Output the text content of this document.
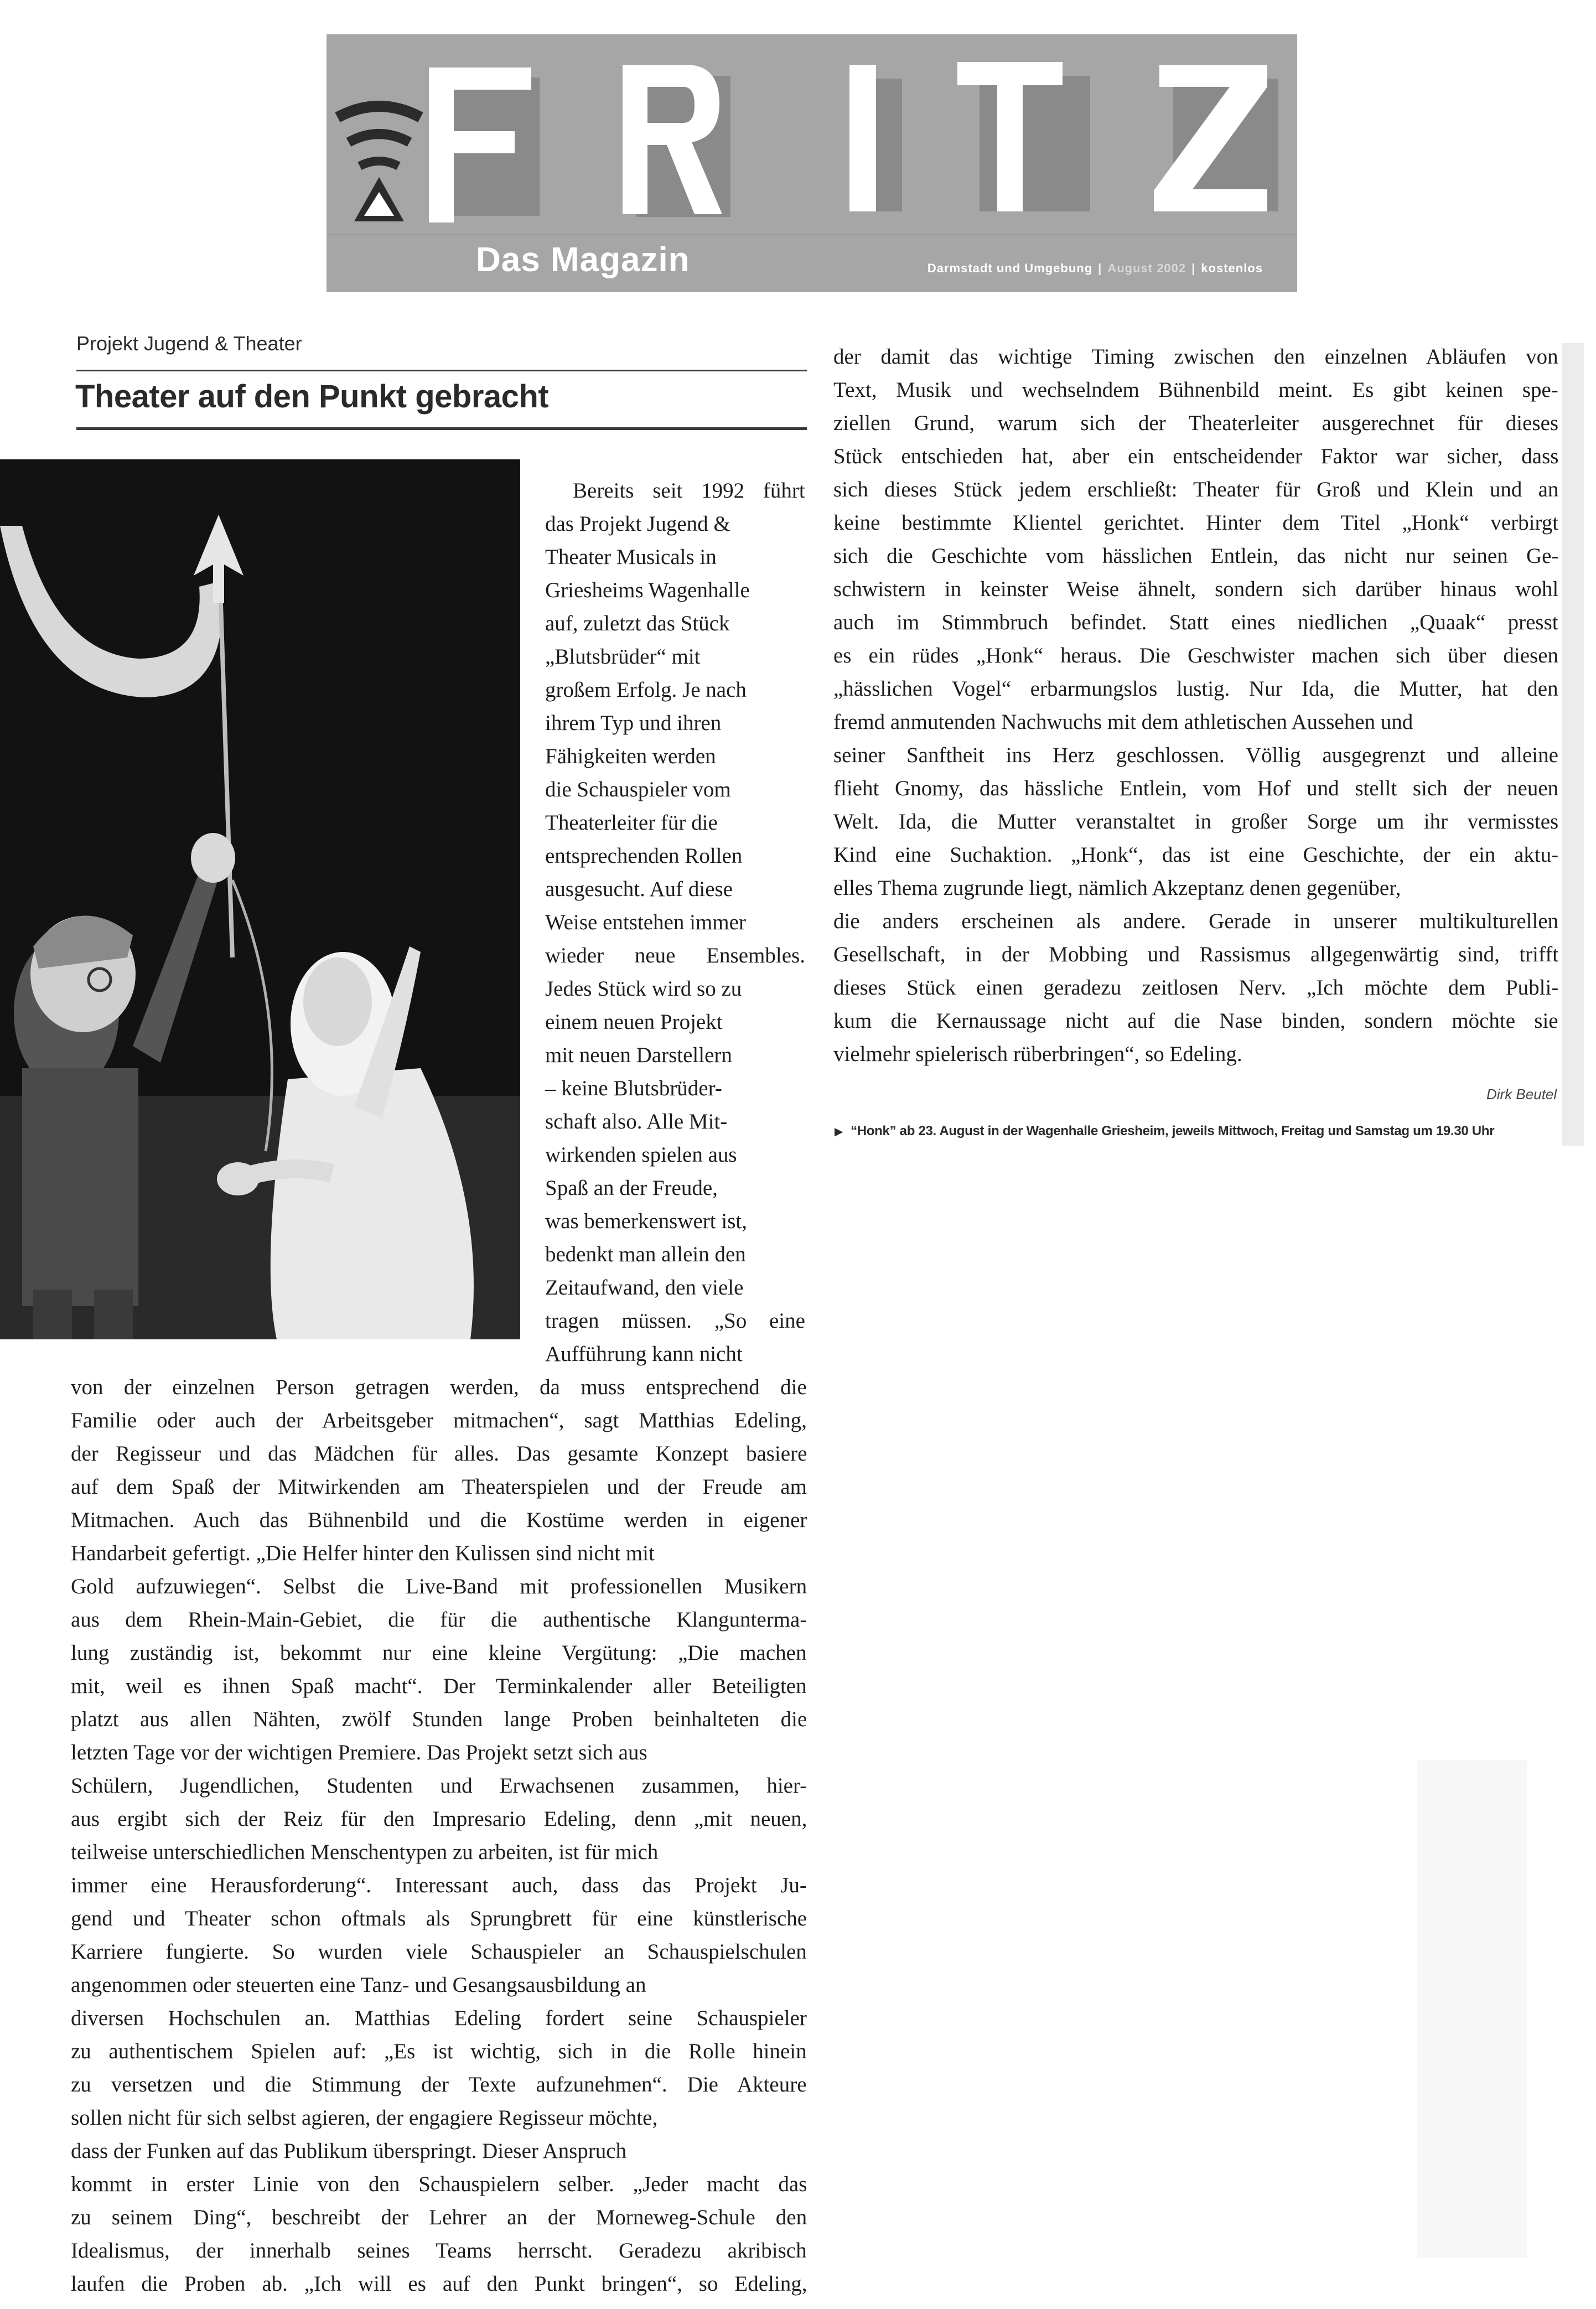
Das Magazin	Darmstadt und Umgebung | August 2002 | kostenlos
Projekt Jugend & Theater
Theater auf den Punkt gebracht
Bereits seit 1992 führt
das Projekt Jugend &
Theater Musicals in
Griesheims Wagenhalle
auf, zuletzt das Stück
„Blutsbrüder“ mit
großem Erfolg. Je nach
ihrem Typ und ihren
Fähigkeiten werden
die Schauspieler vom
Theaterleiter für die
entsprechenden Rollen
ausgesucht. Auf diese
Weise entstehen immer
wieder neue Ensembles.
Jedes Stück wird so zu
einem neuen Projekt
mit neuen Darstellern
– keine Blutsbrüder-
schaft also. Alle Mit-
wirkenden spielen aus
Spaß an der Freude,
was bemerkenswert ist,
bedenkt man allein den
Zeitaufwand, den viele
tragen müssen. „So eine
Aufführung kann nicht
von der einzelnen Person getragen werden, da muss entsprechend die
Familie oder auch der Arbeitsgeber mitmachen“, sagt Matthias Edeling,
der Regisseur und das Mädchen für alles. Das gesamte Konzept basiere
auf dem Spaß der Mitwirkenden am Theaterspielen und der Freude am
Mitmachen. Auch das Bühnenbild und die Kostüme werden in eigener
Handarbeit gefertigt. „Die Helfer hinter den Kulissen sind nicht mit
Gold aufzuwiegen“. Selbst die Live-Band mit professionellen Musikern
aus dem Rhein-Main-Gebiet, die für die authentische Klanguntermа-
lung zuständig ist, bekommt nur eine kleine Vergütung: „Die machen
mit, weil es ihnen Spaß macht“. Der Terminkalender aller Beteiligten
platzt aus allen Nähten, zwölf Stunden lange Proben beinhalteten die
letzten Tage vor der wichtigen Premiere. Das Projekt setzt sich aus
Schülern, Jugendlichen, Studenten und Erwachsenen zusammen, hier-
aus ergibt sich der Reiz für den Impresario Edeling, denn „mit neuen,
teilweise unterschiedlichen Menschentypen zu arbeiten, ist für mich
immer eine Herausforderung“. Interessant auch, dass das Projekt Ju-
gend und Theater schon oftmals als Sprungbrett für eine künstlerische
Karriere fungierte. So wurden viele Schauspieler an Schauspielschulen
angenommen oder steuerten eine Tanz- und Gesangsausbildung an
diversen Hochschulen an. Matthias Edeling fordert seine Schauspieler
zu authentischem Spielen auf: „Es ist wichtig, sich in die Rolle hinein
zu versetzen und die Stimmung der Texte aufzunehmen“. Die Akteure
sollen nicht für sich selbst agieren, der engagiere Regisseur möchte,
dass der Funken auf das Publikum überspringt. Dieser Anspruch
kommt in erster Linie von den Schauspielern selber. „Jeder macht das
zu seinem Ding“, beschreibt der Lehrer an der Morneweg-Schule den
Idealismus, der innerhalb seines Teams herrscht. Geradezu akribisch
laufen die Proben ab. „Ich will es auf den Punkt bringen“, so Edeling,
der damit das wichtige Timing zwischen den einzelnen Abläufen von
Text, Musik und wechselndem Bühnenbild meint. Es gibt keinen spe-
ziellen Grund, warum sich der Theaterleiter ausgerechnet für dieses
Stück entschieden hat, aber ein entscheidender Faktor war sicher, dass
sich dieses Stück jedem erschließt: Theater für Groß und Klein und an
keine bestimmte Klientel gerichtet. Hinter dem Titel „Honk“ verbirgt
sich die Geschichte vom hässlichen Entlein, das nicht nur seinen Ge-
schwistern in keinster Weise ähnelt, sondern sich darüber hinaus wohl
auch im Stimmbruch befindet. Statt eines niedlichen „Quaak“ presst
es ein rüdes „Honk“ heraus. Die Geschwister machen sich über diesen
„hässlichen Vogel“ erbarmungslos lustig. Nur Ida, die Mutter, hat den
fremd anmutenden Nachwuchs mit dem athletischen Aussehen und
seiner Sanftheit ins Herz geschlossen. Völlig ausgegrenzt und alleine
flieht Gnomy, das hässliche Entlein, vom Hof und stellt sich der neuen
Welt. Ida, die Mutter veranstaltet in großer Sorge um ihr vermisstes
Kind eine Suchaktion. „Honk“, das ist eine Geschichte, der ein aktu-
elles Thema zugrunde liegt, nämlich Akzeptanz denen gegenüber,
die anders erscheinen als andere. Gerade in unserer multikulturellen
Gesellschaft, in der Mobbing und Rassismus allgegenwärtig sind, trifft
dieses Stück einen geradezu zeitlosen Nerv. „Ich möchte dem Publi-
kum die Kernaussage nicht auf die Nase binden, sondern möchte sie
vielmehr spielerisch rüberbringen“, so Edeling.
Dirk Beutel
▶ “Honk” ab 23. August in der Wagenhalle Griesheim, jeweils Mittwoch, Freitag und Samstag um 19.30 Uhr
